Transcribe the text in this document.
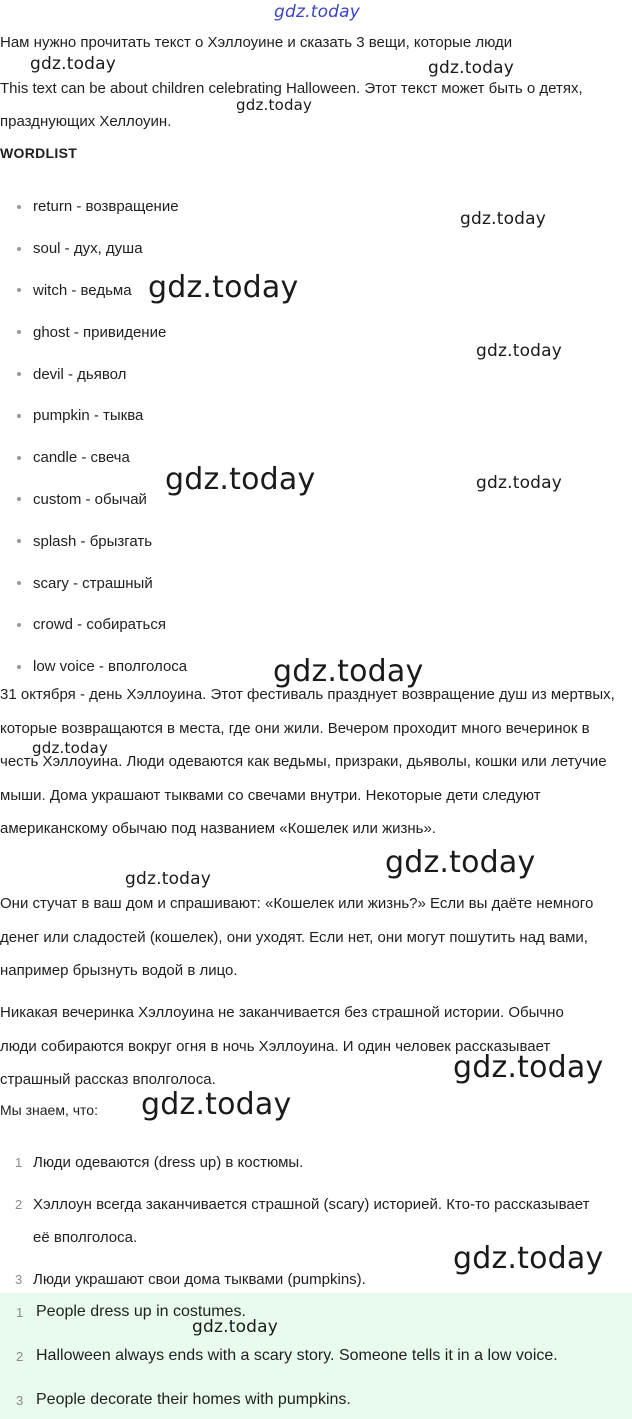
Нам нужно прочитать текст о Хэллоуине и сказать 3 вещи, которые люди
This text can be about children celebrating Halloween. Этот текст может быть о детях, празднующих Хеллоуин.
WORDLIST
return - возвращение
soul - дух, душа
witch - ведьма
ghost - привидение
devil - дьявол
pumpkin - тыква
candle - свеча
custom - обычай
splash - брызгать
scary - страшный
crowd - собираться
low voice - вполголоса
31 октября - день Хэллоуина. Этот фестиваль празднует возвращение душ из мертвых, которые возвращаются в места, где они жили. Вечером проходит много вечеринок в честь Хэллоуина. Люди одеваются как ведьмы, призраки, дьяволы, кошки или летучие мыши. Дома украшают тыквами со свечами внутри. Некоторые дети следуют американскому обычаю под названием «Кошелек или жизнь».
Они стучат в ваш дом и спрашивают: «Кошелек или жизнь?» Если вы даёте немного денег или сладостей (кошелек), они уходят. Если нет, они могут пошутить над вами, например брызнуть водой в лицо.
Никакая вечеринка Хэллоуина не заканчивается без страшной истории. Обычно люди собираются вокруг огня в ночь Хэллоуина. И один человек рассказывает страшный рассказ вполголоса.
Мы знаем, что:
1 Люди одеваются (dress up) в костюмы.
2 Хэллоун всегда заканчивается страшной (scary) историей. Кто-то рассказывает её вполголоса.
3 Люди украшают свои дома тыквами (pumpkins).
1 People dress up in costumes.
2 Halloween always ends with a scary story. Someone tells it in a low voice.
3 People decorate their homes with pumpkins.
gdz.today
gdz.today	gdz.today
gdz.today
gdz.today
gdz.today
gdz.today
gdz.today	gdz.today
gdz.today
gdz.today
gdz.today
gdz.today
gdz.today
gdz.today
gdz.today
gdz.today
